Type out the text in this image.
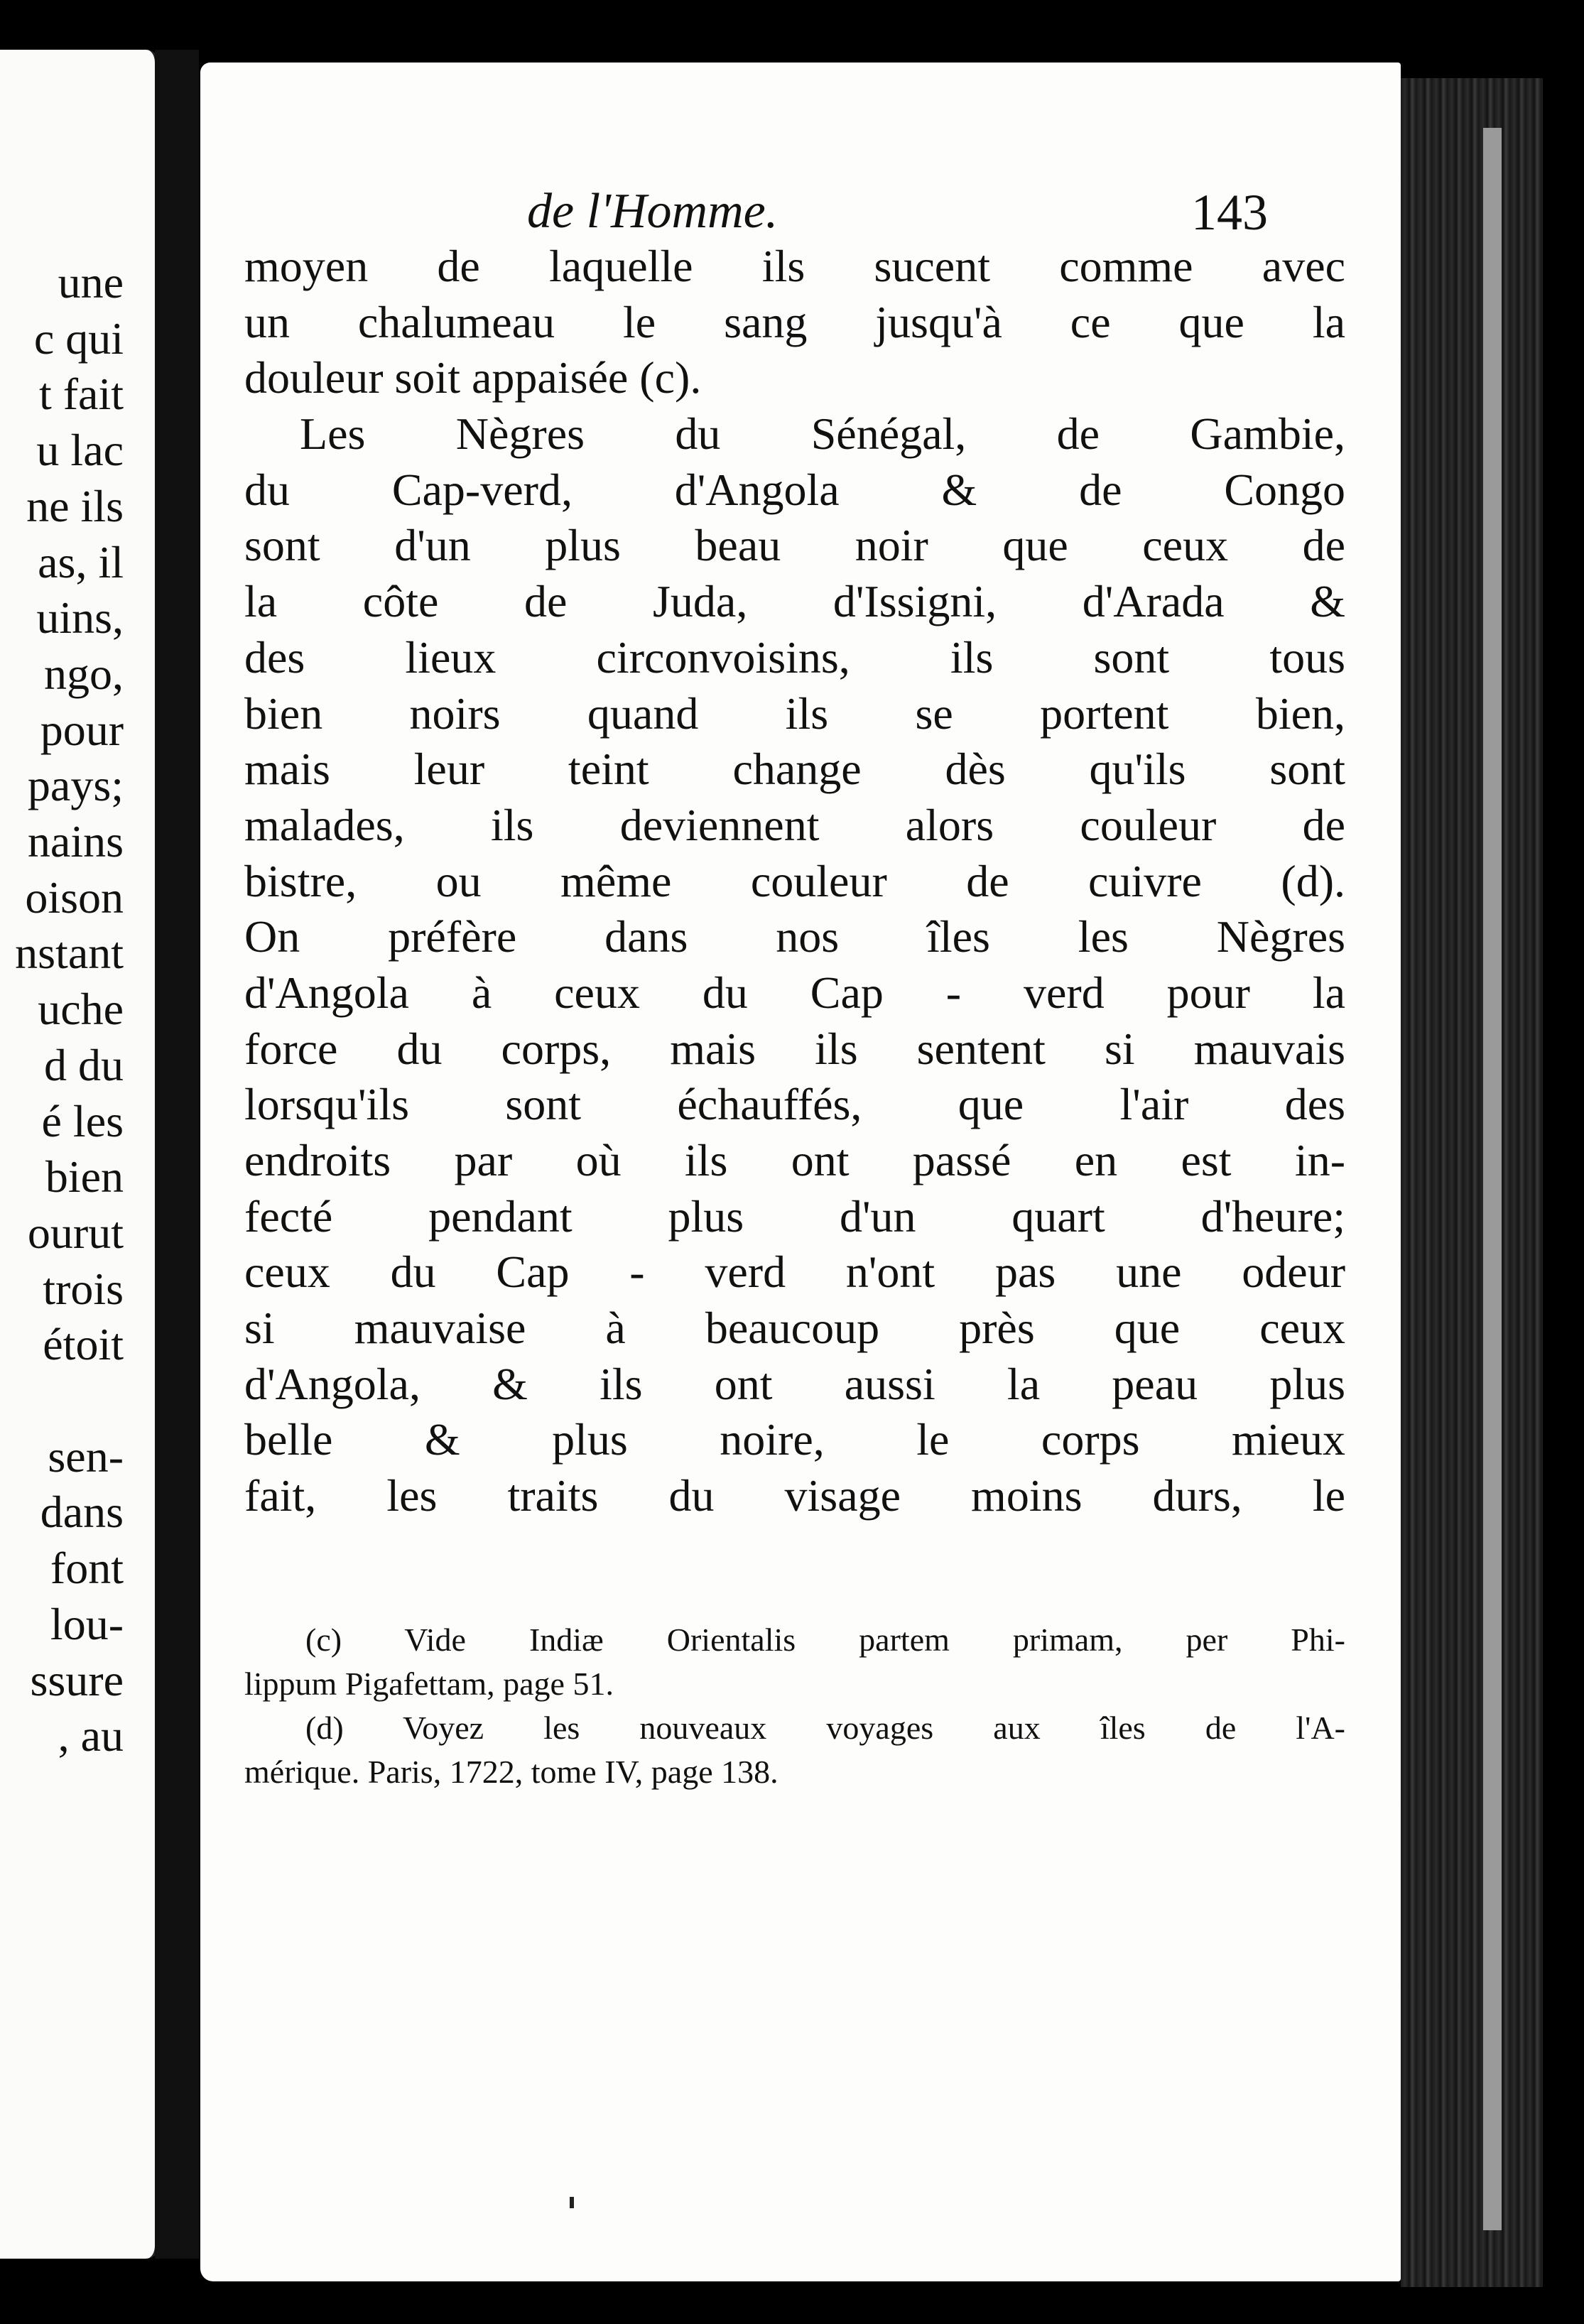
une
c qui
t fait
u lac
ne ils
as, il
uins,
ngo,
pour
pays;
nains
oison
nstant
uche
d du
é les
bien
ourut
trois
étoit
sen-
dans
font
lou-
ssure
, au
de l'Homme.	143
moyen de laquelle ils sucent comme avec
un chalumeau le sang jusqu'à ce que la
douleur soit appaisée (c).
Les Nègres du Sénégal, de Gambie,
du Cap-verd, d'Angola & de Congo
sont d'un plus beau noir que ceux de
la côte de Juda, d'Issigni, d'Arada &
des lieux circonvoisins, ils sont tous
bien noirs quand ils se portent bien,
mais leur teint change dès qu'ils sont
malades, ils deviennent alors couleur de
bistre, ou même couleur de cuivre (d).
On préfère dans nos îles les Nègres
d'Angola à ceux du Cap - verd pour la
force du corps, mais ils sentent si mauvais
lorsqu'ils sont échauffés, que l'air des
endroits par où ils ont passé en est in-
fecté pendant plus d'un quart d'heure;
ceux du Cap - verd n'ont pas une odeur
si mauvaise à beaucoup près que ceux
d'Angola, & ils ont aussi la peau plus
belle & plus noire, le corps mieux
fait, les traits du visage moins durs, le
(c) Vide Indiæ Orientalis partem primam, per Phi-
lippum Pigafettam, page 51.
(d) Voyez les nouveaux voyages aux îles de l'A-
mérique. Paris, 1722, tome IV, page 138.
